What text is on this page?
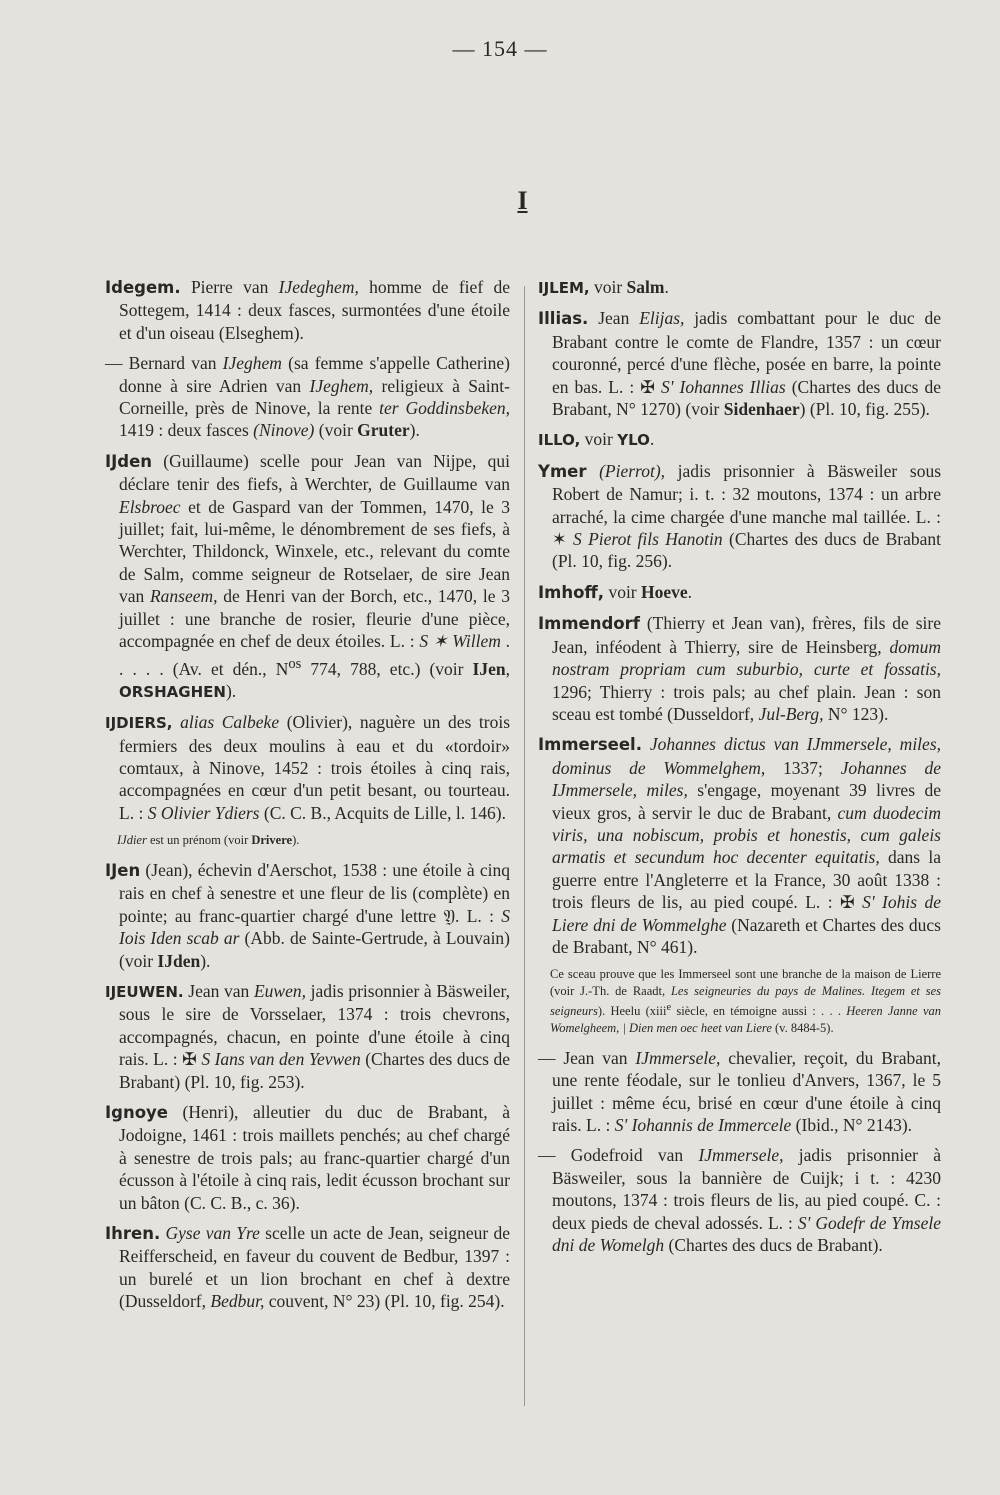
— 154 —
I

Idegem. Pierre van IJedeghem, homme de fief de Sottegem, 1414 : deux fasces, surmontées d'une étoile et d'un oiseau (Elseghem).

— Bernard van IJeghem (sa femme s'appelle Catherine) donne à sire Adrien van IJeghem, religieux à Saint-Corneille, près de Ninove, la rente ter Goddinsbeken, 1419 : deux fasces (Ninove) (voir Gruter).

IJden (Guillaume) scelle pour Jean van Nijpe, qui déclare tenir des fiefs, à Werchter, de Guillaume van Elsbroec et de Gaspard van der Tommen, 1470, le 3 juillet; fait, lui-même, le dénombrement de ses fiefs, à Werchter, Thildonck, Winxele, etc., relevant du comte de Salm, comme seigneur de Rotselaer, de sire Jean van Ranseem, de Henri van der Borch, etc., 1470, le 3 juillet : une branche de rosier, fleurie d'une pièce, accompagnée en chef de deux étoiles. L. : S ✶ Willem . . . . . (Av. et dén., $N^{os}$ 774, 788, etc.) (voir IJen, ORSHAGHEN).

IJDIERS, alias Calbeke (Olivier), naguère un des trois fermiers des deux moulins à eau et du «tordoir» comtaux, à Ninove, 1452 : trois étoiles à cinq rais, accompagnées en cœur d'un petit besant, ou tourteau. L. : S Olivier Ydiers (C. C. B., Acquits de Lille, l. 146).

IJdier est un prénom (voir Drivere).

IJen (Jean), échevin d'Aerschot, 1538 : une étoile à cinq rais en chef à senestre et une fleur de lis (complète) en pointe; au franc-quartier chargé d'une lettre 𝔜. L. : S Iois Iden scab ar (Abb. de Sainte-Gertrude, à Louvain) (voir IJden).

IJEUWEN. Jean van Euwen, jadis prisonnier à Bäsweiler, sous le sire de Vorsselaer, 1374 : trois chevrons, accompagnés, chacun, en pointe d'une étoile à cinq rais. L. : ✠ S Ians van den Yevwen (Chartes des ducs de Brabant) (Pl. 10, fig. 253).

Ignoye (Henri), alleutier du duc de Brabant, à Jodoigne, 1461 : trois maillets penchés; au chef chargé à senestre de trois pals; au franc-quartier chargé d'un écusson à l'étoile à cinq rais, ledit écusson brochant sur un bâton (C. C. B., c. 36).

Ihren. Gyse van Yre scelle un acte de Jean, seigneur de Reifferscheid, en faveur du couvent de Bedbur, 1397 : un burelé et un lion brochant en chef à dextre (Dusseldorf, Bedbur, couvent, N° 23) (Pl. 10, fig. 254).

IJLEM, voir Salm.

Illias. Jean Elijas, jadis combattant pour le duc de Brabant contre le comte de Flandre, 1357 : un cœur couronné, percé d'une flèche, posée en barre, la pointe en bas. L. : ✠ S' Iohannes Illias (Chartes des ducs de Brabant, N° 1270) (voir Sidenhaer) (Pl. 10, fig. 255).

ILLO, voir YLO.

Ymer (Pierrot), jadis prisonnier à Bäsweiler sous Robert de Namur; i. t. : 32 moutons, 1374 : un arbre arraché, la cime chargée d'une manche mal taillée. L. : ✶ S Pierot fils Hanotin (Chartes des ducs de Brabant (Pl. 10, fig. 256).

Imhoff, voir Hoeve.

Immendorf (Thierry et Jean van), frères, fils de sire Jean, inféodent à Thierry, sire de Heinsberg, domum nostram propriam cum suburbio, curte et fossatis, 1296; Thierry : trois pals; au chef plain. Jean : son sceau est tombé (Dusseldorf, Jul-Berg, N° 123).

Immerseel. Johannes dictus van IJmmersele, miles, dominus de Wommelghem, 1337; Johannes de IJmmersele, miles, s'engage, moyenant 39 livres de vieux gros, à servir le duc de Brabant, cum duodecim viris, una nobiscum, probis et honestis, cum galeis armatis et secundum hoc decenter equitatis, dans la guerre entre l'Angleterre et la France, 30 août 1338 : trois fleurs de lis, au pied coupé. L. : ✠ S' Iohis de Liere dni de Wommelghe (Nazareth et Chartes des ducs de Brabant, N° 461).

Ce sceau prouve que les Immerseel sont une branche de la maison de Lierre (voir J.-Th. de Raadt, Les seigneuries du pays de Malines. Itegem et ses seigneurs). Heelu (xiii$^e$ siècle, en témoigne aussi : . . . Heeren Janne van Womelgheem, | Dien men oec heet van Liere (v. 8484-5).

— Jean van IJmmersele, chevalier, reçoit, du Brabant, une rente féodale, sur le tonlieu d'Anvers, 1367, le 5 juillet : même écu, brisé en cœur d'une étoile à cinq rais. L. : S' Iohannis de Immercele (Ibid., N° 2143).

— Godefroid van IJmmersele, jadis prisonnier à Bäsweiler, sous la bannière de Cuijk; i t. : 4230 moutons, 1374 : trois fleurs de lis, au pied coupé. C. : deux pieds de cheval adossés. L. : S' Godefr de Ymsele dni de Womelgh (Chartes des ducs de Brabant).
